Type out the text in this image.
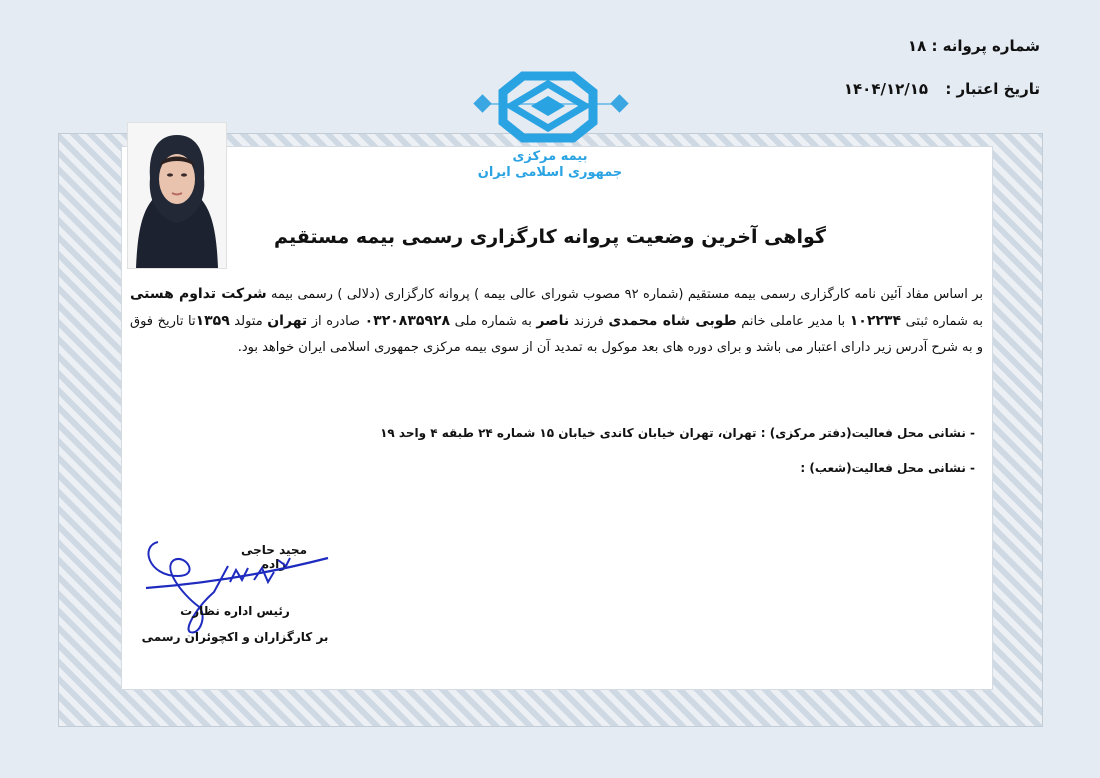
شماره پروانه : ۱۸
تاریخ اعتبار : ۱۴۰۴/۱۲/۱۵
بیمه مرکزی
جمهوری اسلامی ایران
گواهی آخرین وضعیت پروانه کارگزاری رسمی بیمه مستقیم
بر اساس مفاد آئین نامه کارگزاری رسمی بیمه مستقیم (شماره ۹۲ مصوب شورای عالی بیمه ) پروانه کارگزاری (دلالی ) رسمی بیمه شرکت تداوم هستی به شماره ثبتی ۱۰۲۲۳۴ با مدیر عاملی خانم طوبی شاه محمدی فرزند ناصر به شماره ملی ۰۳۲۰۸۳۵۹۲۸ صادره از تهران متولد ۱۳۵۹تا تاریخ فوق و به شرح آدرس زیر دارای اعتبار می باشد و برای دوره های بعد موکول به تمدید آن از سوی بیمه مرکزی جمهوری اسلامی ایران خواهد بود.
- نشانی محل فعالیت(دفتر مرکزی) : تهران، تهران خیابان کاندی خیابان ۱۵ شماره ۲۴ طبقه ۴ واحد ۱۹
- نشانی محل فعالیت(شعب) :
مجید حاجی زاده
رئیس اداره نظارت
بر کارگزاران و اکچوئران رسمی
